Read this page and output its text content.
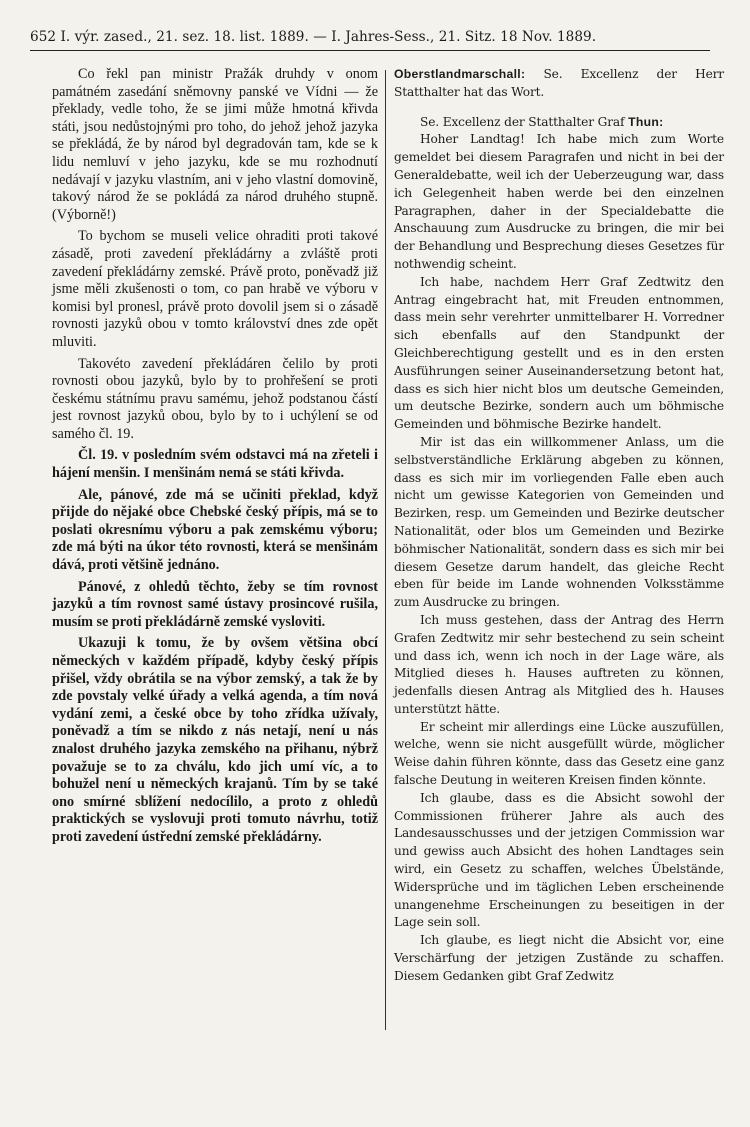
652 I. výr. zased., 21. sez. 18. list. 1889. — I. Jahres-Sess., 21. Sitz. 18 Nov. 1889.

Co řekl pan ministr Pražák druhdy v onom památném zasedání sněmovny panské ve Vídni — že překlady, vedle toho, že se jimi může hmotná křivda státi, jsou nedůstojnými pro toho, do jehož jehož jazyka se překládá, že by národ byl degradován tam, kde se k lidu nemluví v jeho jazyku, kde se mu rozhodnutí nedávají v jazyku vlastním, ani v jeho vlastní domovině, takový národ že se pokládá za národ druhého stupně. (Výborně!)

To bychom se museli velice ohraditi proti takové zásadě, proti zavedení překládárny a zvláště proti zavedení překládárny zemské. Právě proto, poněvadž již jsme měli zkušenosti o tom, co pan hrabě ve výboru v komisi byl pronesl, právě proto dovolil jsem si o zásadě rovnosti jazyků obou v tomto království dnes zde opět mluviti.

Takovéto zavedení překládáren čelilo by proti rovnosti obou jazyků, bylo by to prohřešení se proti českému státnímu pravu samému, jehož podstanou částí jest rovnost jazyků obou, bylo by to i uchýlení se od samého čl. 19.

Čl. 19. v posledním svém odstavci má na zřeteli i hájení menšin. I menšinám nemá se státi křivda.

Ale, pánové, zde má se učiniti překlad, když přijde do nějaké obce Chebské český přípis, má se to poslati okresnímu výboru a pak zemskému výboru; zde má býti na úkor této rovnosti, která se menšinám dává, proti většině jednáno.

Pánové, z ohledů těchto, žeby se tím rovnost jazyků a tím rovnost samé ústavy prosincové rušila, musím se proti překládárně zemské vysloviti.

Ukazuji k tomu, že by ovšem většina obcí německých v každém případě, kdyby český přípis přišel, vždy obrátila se na výbor zemský, a tak že by zde povstaly velké úřady a velká agenda, a tím nová vydání zemi, a české obce by toho zřídka užívaly, poněvadž a tím se nikdo z nás netají, není u nás znalost druhého jazyka zemského na přihanu, nýbrž považuje se to za chválu, kdo jich umí víc, a to bohužel není u německých krajanů. Tím by se také ono smírné sblížení nedocílilo, a proto z ohledů praktických se vyslovuji proti tomuto návrhu, totiž proti zavedení ústřední zemské překládárny.

Oberstlandmarschall: Se. Excellenz der Herr Statthalter hat das Wort.

Se. Excellenz der Statthalter Graf Thun:

Hoher Landtag! Ich habe mich zum Worte gemeldet bei diesem Paragrafen und nicht in bei der Generaldebatte, weil ich der Ueberzeugung war, dass ich Gelegenheit haben werde bei den einzelnen Paragraphen, daher in der Specialdebatte die Anschauung zum Ausdrucke zu bringen, die mir bei der Behandlung und Besprechung dieses Gesetzes für nothwendig scheint.

Ich habe, nachdem Herr Graf Zedtwitz den Antrag eingebracht hat, mit Freuden entnommen, dass mein sehr verehrter unmittelbarer H. Vorredner sich ebenfalls auf den Standpunkt der Gleichberechtigung gestellt und es in den ersten Ausführungen seiner Auseinandersetzung betont hat, dass es sich hier nicht blos um deutsche Gemeinden, um deutsche Bezirke, sondern auch um böhmische Gemeinden und böhmische Bezirke handelt.

Mir ist das ein willkommener Anlass, um die selbstverständliche Erklärung abgeben zu können, dass es sich mir im vorliegenden Falle eben auch nicht um gewisse Kategorien von Gemeinden und Bezirken, resp. um Gemeinden und Bezirke deutscher Nationalität, oder blos um Gemeinden und Bezirke böhmischer Nationalität, sondern dass es sich mir bei diesem Gesetze darum handelt, das gleiche Recht eben für beide im Lande wohnenden Volksstämme zum Ausdrucke zu bringen.

Ich muss gestehen, dass der Antrag des Herrn Grafen Zedtwitz mir sehr bestechend zu sein scheint und dass ich, wenn ich noch in der Lage wäre, als Mitglied dieses h. Hauses auftreten zu können, jedenfalls diesen Antrag als Mitglied des h. Hauses unterstützt hätte.

Er scheint mir allerdings eine Lücke auszufüllen, welche, wenn sie nicht ausgefüllt würde, möglicher Weise dahin führen könnte, dass das Gesetz eine ganz falsche Deutung in weiteren Kreisen finden könnte.

Ich glaube, dass es die Absicht sowohl der Commissionen früherer Jahre als auch des Landesausschusses und der jetzigen Commission war und gewiss auch Absicht des hohen Landtages sein wird, ein Gesetz zu schaffen, welches Übelstände, Widersprüche und im täglichen Leben erscheinende unangenehme Erscheinungen zu beseitigen in der Lage sein soll.

Ich glaube, es liegt nicht die Absicht vor, eine Verschärfung der jetzigen Zustände zu schaffen. Diesem Gedanken gibt Graf Zedwitz
